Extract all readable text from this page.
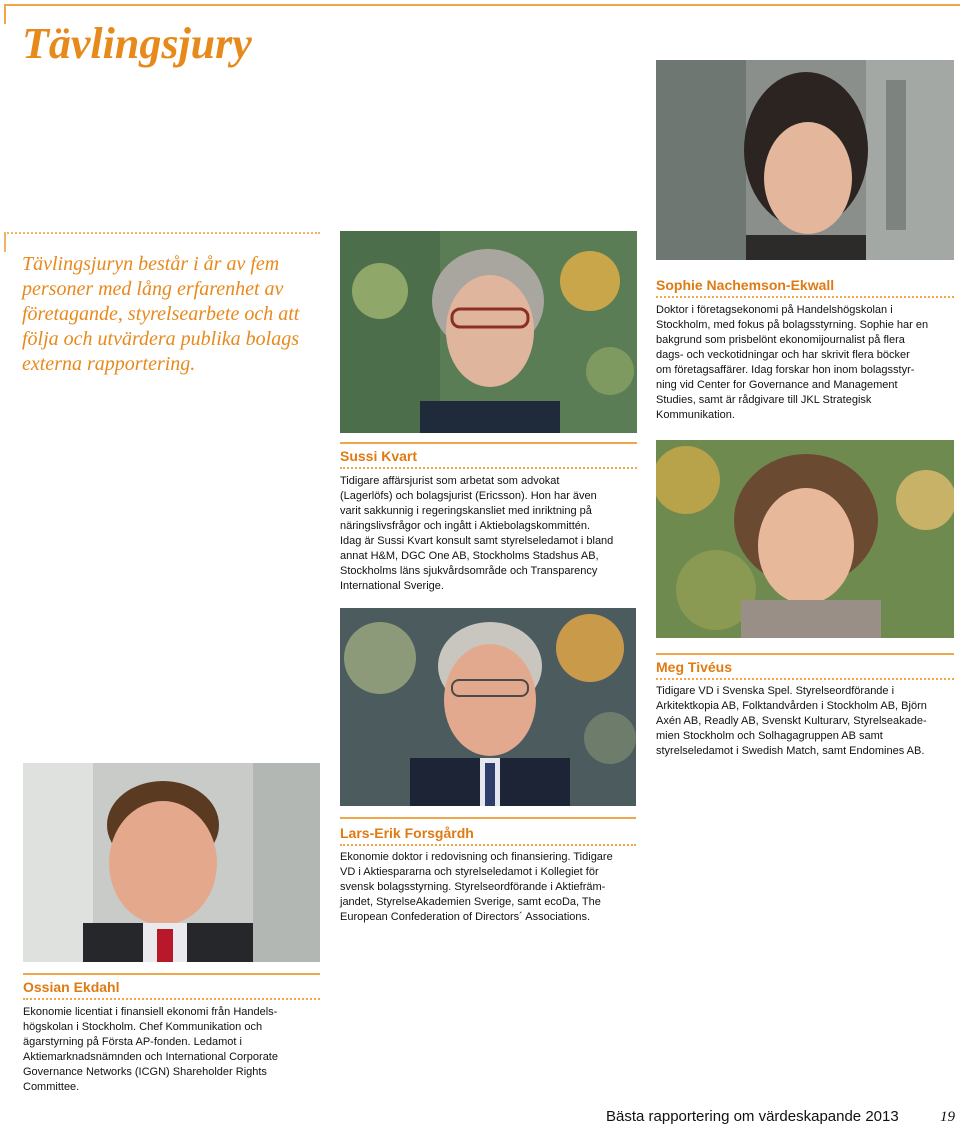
Tävlingsjury

Tävlingsjuryn består i år av fem personer med lång erfarenhet av företagande, styrelsearbete och att följa och utvärdera publika bolags externa rapportering.

Sophie Nachemson-Ekwall
Doktor i företagsekonomi på Handelshögskolan i
Stockholm, med fokus på bolagsstyrning. Sophie har en
bakgrund som prisbelönt ekonomijournalist på flera
dags- och veckotidningar och har skrivit flera böcker
om företagsaffärer. Idag forskar hon inom bolagsstyr-
ning vid Center for Governance and Management
Studies, samt är rådgivare till JKL Strategisk
Kommunikation.
Sussi Kvart
Tidigare affärsjurist som arbetat som advokat
(Lagerlöfs) och bolagsjurist (Ericsson). Hon har även
varit sakkunnig i regeringskansliet med inriktning på
näringslivsfrågor och ingått i Aktiebolagskommittén.
Idag är Sussi Kvart konsult samt styrelseledamot i bland
annat H&M, DGC One AB, Stockholms Stadshus AB,
Stockholms läns sjukvårdsområde och Transparency
International Sverige.
Meg Tivéus
Tidigare VD i Svenska Spel. Styrelseordförande i
Arkitektkopia AB, Folktandvården i Stockholm AB, Björn
Axén AB, Readly AB, Svenskt Kulturarv, Styrelseakade-
mien Stockholm och Solhagagruppen AB samt
styrelseledamot i Swedish Match, samt Endomines AB.
Lars-Erik Forsgårdh
Ekonomie doktor i redovisning och finansiering. Tidigare
VD i Aktiespararna och styrelseledamot i Kollegiet för
svensk bolagsstyrning. Styrelseordförande i Aktiefräm-
jandet, StyrelseAkademien Sverige, samt ecoDa, The
European Confederation of Directors´ Associations.
Ossian Ekdahl
Ekonomie licentiat i finansiell ekonomi från Handels-
högskolan i Stockholm. Chef Kommunikation och
ägarstyrning på Första AP-fonden. Ledamot i
Aktiemarknadsnämnden och International Corporate
Governance Networks (ICGN) Shareholder Rights
Committee.
Bästa rapportering om värdeskapande 2013	19
